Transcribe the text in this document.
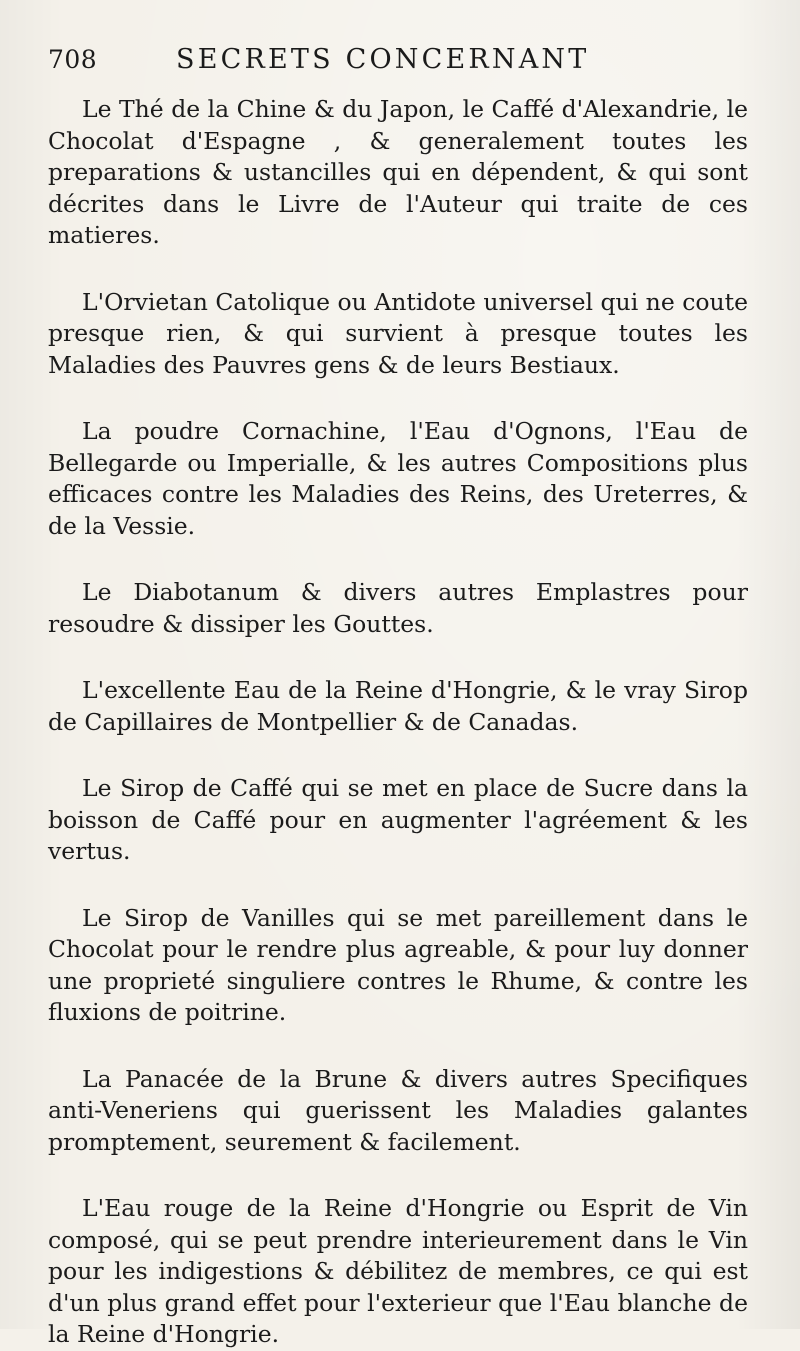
708	SECRETS CONCERNANT

Le Thé de la Chine & du Japon, le Caffé d'Alexandrie, le Chocolat d'Espagne , & generalement toutes les preparations & ustancilles qui en dépendent, & qui sont décrites dans le Livre de l'Auteur qui traite de ces matieres.

L'Orvietan Catolique ou Antidote universel qui ne coute presque rien, & qui survient à presque toutes les Maladies des Pauvres gens & de leurs Bestiaux.

La poudre Cornachine, l'Eau d'Ognons, l'Eau de Bellegarde ou Imperialle, & les autres Compositions plus efficaces contre les Maladies des Reins, des Ureterres, & de la Vessie.

Le Diabotanum & divers autres Emplastres pour resoudre & dissiper les Gouttes.

L'excellente Eau de la Reine d'Hongrie, & le vray Sirop de Capillaires de Montpellier & de Canadas.

Le Sirop de Caffé qui se met en place de Sucre dans la boisson de Caffé pour en augmenter l'agréement & les vertus.

Le Sirop de Vanilles qui se met pareillement dans le Chocolat pour le rendre plus agreable, & pour luy donner une proprieté singuliere contres le Rhume, & contre les fluxions de poitrine.

La Panacée de la Brune & divers autres Specifiques anti-Veneriens qui guerissent les Maladies galantes promptement, seurement & facilement.

L'Eau rouge de la Reine d'Hongrie ou Esprit de Vin composé, qui se peut prendre interieurement dans le Vin pour les indigestions & débilitez de membres, ce qui est d'un plus grand effet pour l'exterieur que l'Eau blanche de la Reine d'Hongrie.
